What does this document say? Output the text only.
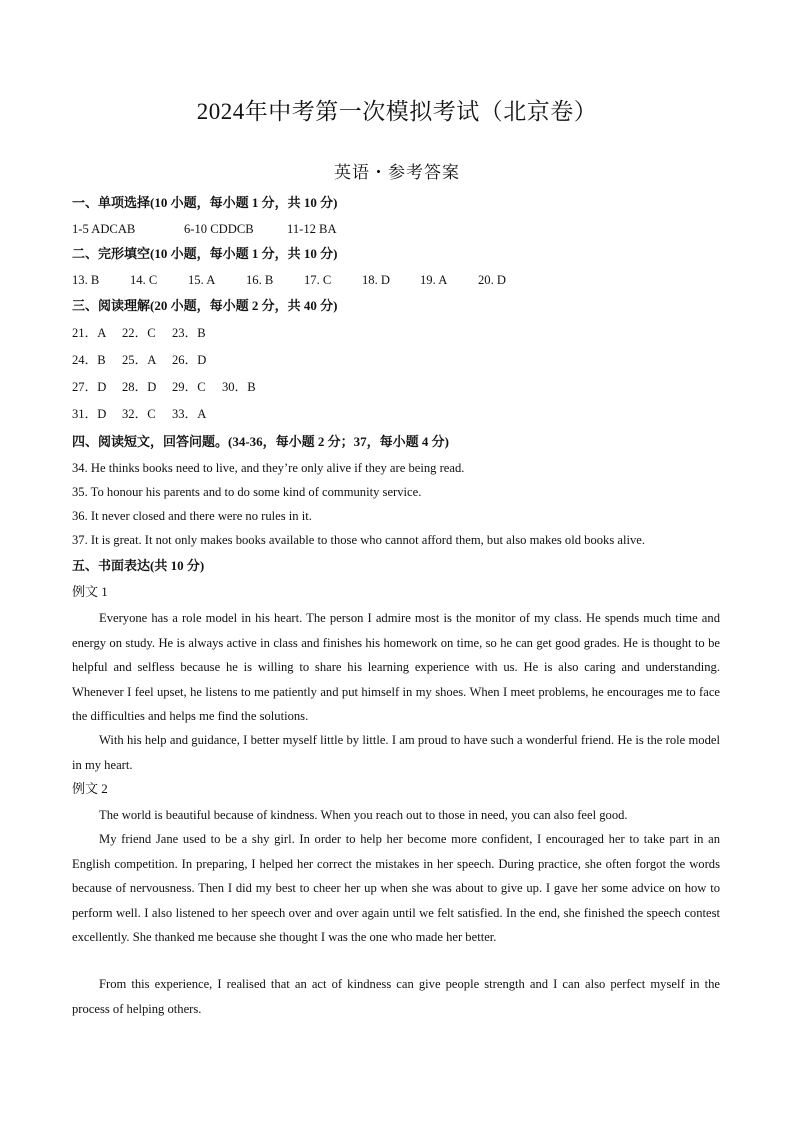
2024年中考第一次模拟考试（北京卷）
英语・参考答案
一、单项选择(10 小题，每小题 1 分，共 10 分)
1-5 ADCAB	6-10 CDDCB	11-12 BA
二、完形填空(10 小题，每小题 1 分，共 10 分)
13. B 14. C 15. A 16. B 17. C 18. D 19. A 20. D
三、阅读理解(20 小题，每小题 2 分，共 40 分)
21．A 22．C 23．B
24．B 25．A 26．D
27．D 28．D 29．C 30．B
31．D 32．C 33．A
四、阅读短文，回答问题。(34-36，每小题 2 分；37，每小题 4 分)
34. He thinks books need to live, and they’re only alive if they are being read.
35. To honour his parents and to do some kind of community service.
36. It never closed and there were no rules in it.
37. It is great. It not only makes books available to those who cannot afford them, but also makes old books alive.
五、书面表达(共 10 分)
例文 1

Everyone has a role model in his heart. The person I admire most is the monitor of my class. He spends much time and energy on study. He is always active in class and finishes his homework on time, so he can get good grades. He is thought to be helpful and selfless because he is willing to share his learning experience with us. He is also caring and understanding. Whenever I feel upset, he listens to me patiently and put himself in my shoes. When I meet problems, he encourages me to face the difficulties and helps me find the solutions.

With his help and guidance, I better myself little by little. I am proud to have such a wonderful friend. He is the role model in my heart.

例文 2

The world is beautiful because of kindness. When you reach out to those in need, you can also feel good.

My friend Jane used to be a shy girl. In order to help her become more confident, I encouraged her to take part in an English competition. In preparing, I helped her correct the mistakes in her speech. During practice, she often forgot the words because of nervousness. Then I did my best to cheer her up when she was about to give up. I gave her some advice on how to perform well. I also listened to her speech over and over again until we felt satisfied. In the end, she finished the speech contest excellently. She thanked me because she thought I was the one who made her better.

From this experience, I realised that an act of kindness can give people strength and I can also perfect myself in the process of helping others.
